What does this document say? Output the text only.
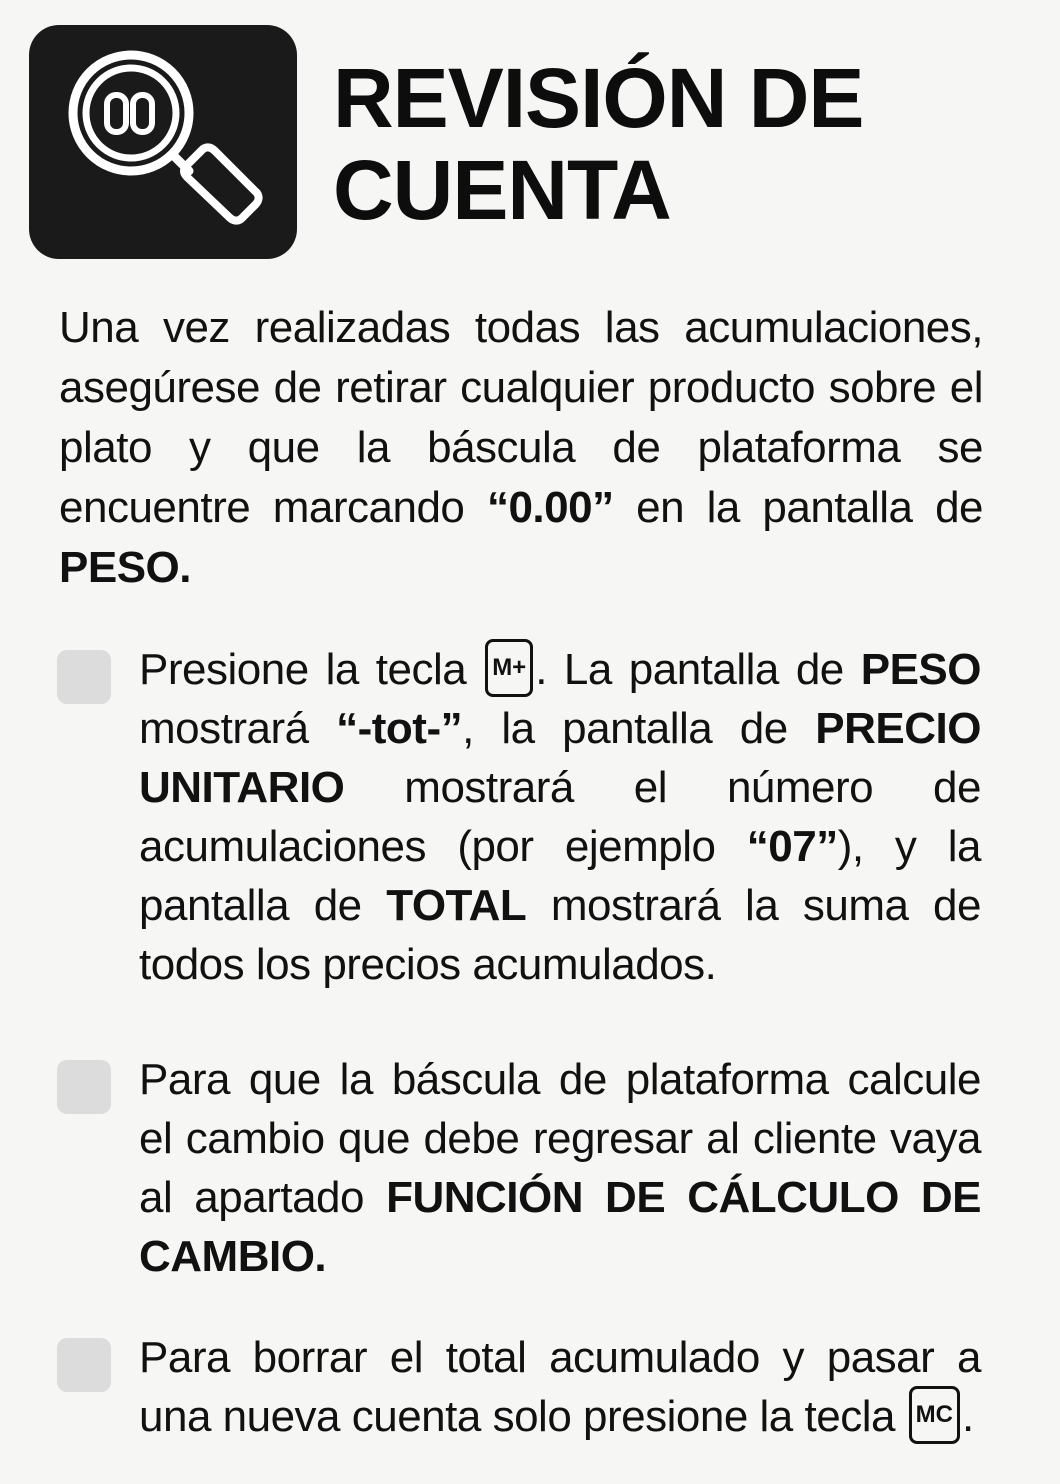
REVISIÓN DE
CUENTA

Una vez realizadas todas las acumulaciones, asegúrese de retirar cualquier producto sobre el plato y que la báscula de plataforma se encuentre marcando “0.00” en la pantalla de PESO.

Presione la tecla M+ . La pantalla de PESO mostrará “-tot-”, la pantalla de PRECIO UNITARIO mostrará el número de acumulaciones (por ejemplo “07”), y la pantalla de TOTAL mostrará la suma de todos los precios acumulados.
Para que la báscula de plataforma calcule el cambio que debe regresar al cliente vaya al apartado FUNCIÓN DE CÁLCULO DE CAMBIO.
Para borrar el total acumulado y pasar a una nueva cuenta solo presione la tecla MC .
